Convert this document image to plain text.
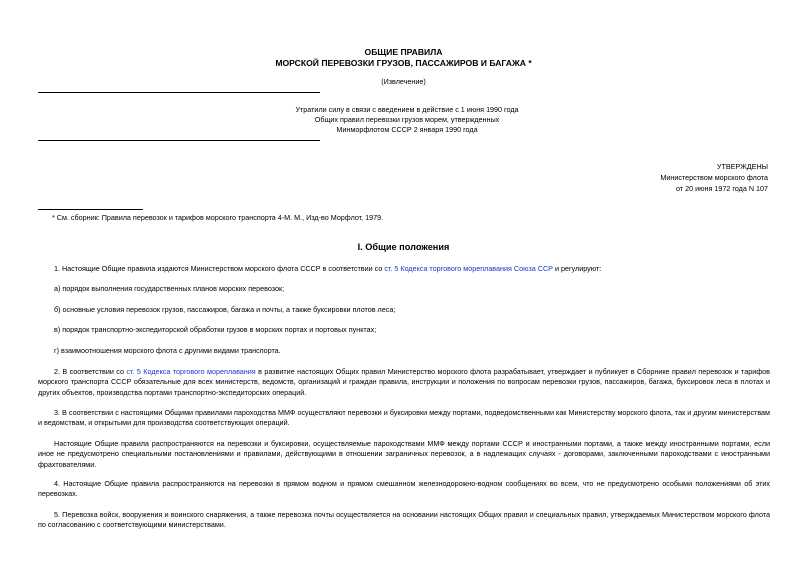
ОБЩИЕ ПРАВИЛА
МОРСКОЙ ПЕРЕВОЗКИ ГРУЗОВ, ПАССАЖИРОВ И БАГАЖА *
(Извлечение)
Утратили силу в связи с введением в действие с 1 июня 1990 года
Общих правил перевозки грузов морем, утвержденных
Минморфлотом СССР 2 января 1990 года
УТВЕРЖДЕНЫ
Министерством морского флота
от 20 июня 1972 года N 107
* См. сборник: Правила перевозок и тарифов морского транспорта 4-М. М., Изд-во Морфлот, 1979.
I. Общие положения
1. Настоящие Общие правила издаются Министерством морского флота СССР в соответствии со ст. 5 Кодекса торгового мореплавания Союза ССР и регулируют:
а) порядок выполнения государственных планов морских перевозок;
б) основные условия перевозок грузов, пассажиров, багажа и почты, а также буксировки плотов леса;
в) порядок транспортно-экспедиторской обработки грузов в морских портах и портовых пунктах;
г) взаимоотношения морского флота с другими видами транспорта.
2. В соответствии со ст. 5 Кодекса торгового мореплавания в развитие настоящих Общих правил Министерство морского флота разрабатывает, утверждает и публикует в Сборнике правил перевозок и тарифов морского транспорта СССР обязательные для всех министерств, ведомств, организаций и граждан правила, инструкции и положения по вопросам перевозки грузов, пассажиров, багажа, буксировок леса в плотах и других объектов, производства портами транспортно-экспедиторских операций.
3. В соответствии с настоящими Общими правилами пароходства ММФ осуществляют перевозки и буксировки между портами, подведомственными как Министерству морского флота, так и другим министерствам и ведомствам, и открытыми для производства соответствующих операций.
Настоящие Общие правила распространяются на перевозки и буксировки, осуществляемые пароходствами ММФ между портами СССР и иностранными портами, а также между иностранными портами, если иное не предусмотрено специальными постановлениями и правилами, действующими в отношении заграничных перевозок, а в надлежащих случаях - договорами, заключенными пароходствами с иностранными фрахтователями.
4. Настоящие Общие правила распространяются на перевозки в прямом водном и прямом смешанном железнодорожно-водном сообщениях во всем, что не предусмотрено особыми положениями об этих перевозках.
5. Перевозка войск, вооружения и воинского снаряжения, а также перевозка почты осуществляется на основании настоящих Общих правил и специальных правил, утверждаемых Министерством морского флота по согласованию с соответствующими министерствами.
